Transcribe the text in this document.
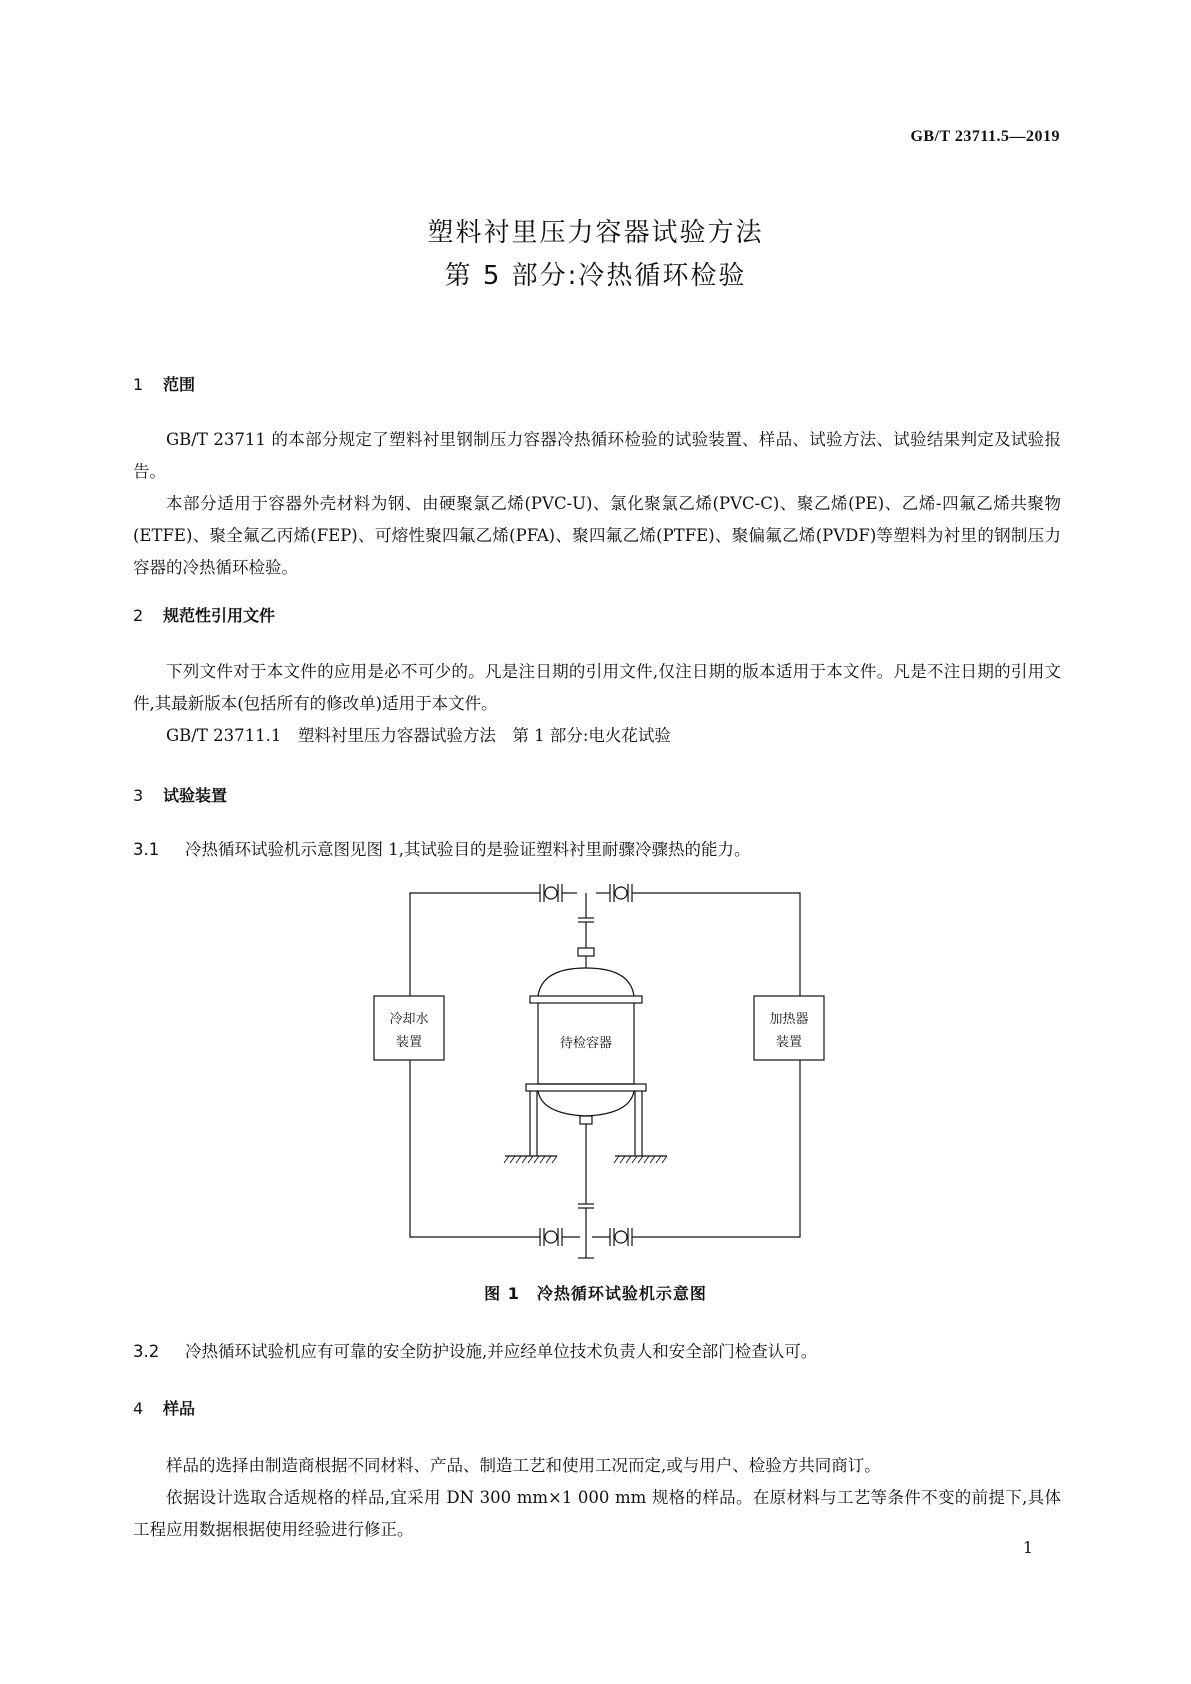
GB/T 23711.5—2019
塑料衬里压力容器试验方法
第 5 部分:冷热循环检验
1 范围

GB/T 23711 的本部分规定了塑料衬里钢制压力容器冷热循环检验的试验装置、样品、试验方法、试验结果判定及试验报告。

本部分适用于容器外壳材料为钢、由硬聚氯乙烯(PVC-U)、氯化聚氯乙烯(PVC-C)、聚乙烯(PE)、乙烯-四氟乙烯共聚物(ETFE)、聚全氟乙丙烯(FEP)、可熔性聚四氟乙烯(PFA)、聚四氟乙烯(PTFE)、聚偏氟乙烯(PVDF)等塑料为衬里的钢制压力容器的冷热循环检验。

2 规范性引用文件

下列文件对于本文件的应用是必不可少的。凡是注日期的引用文件,仅注日期的版本适用于本文件。凡是不注日期的引用文件,其最新版本(包括所有的修改单)适用于本文件。

GB/T 23711.1　塑料衬里压力容器试验方法　第 1 部分:电火花试验

3 试验装置
3.1 冷热循环试验机示意图见图 1,其试验目的是验证塑料衬里耐骤冷骤热的能力。
冷却水
装置
加热器
装置
待检容器
图 1　冷热循环试验机示意图
3.2 冷热循环试验机应有可靠的安全防护设施,并应经单位技术负责人和安全部门检查认可。
4 样品

样品的选择由制造商根据不同材料、产品、制造工艺和使用工况而定,或与用户、检验方共同商订。

依据设计选取合适规格的样品,宜采用 DN 300 mm×1 000 mm 规格的样品。在原材料与工艺等条件不变的前提下,具体工程应用数据根据使用经验进行修正。

1
